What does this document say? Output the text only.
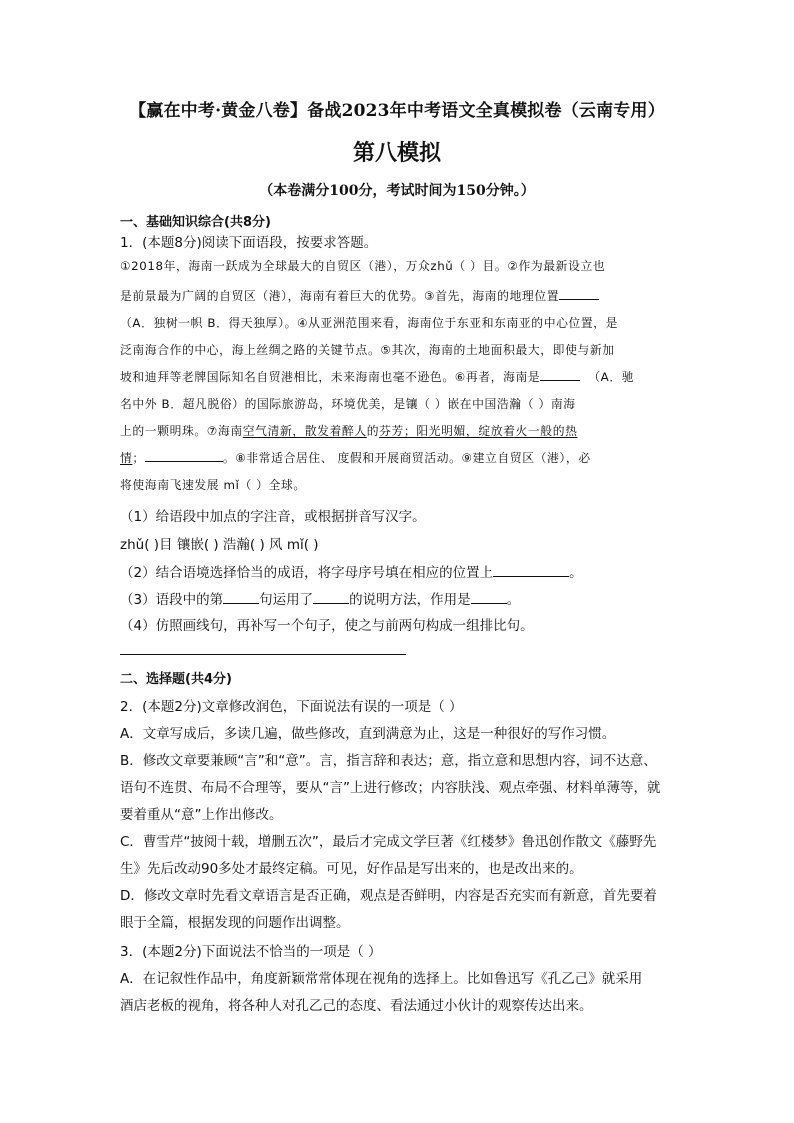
【赢在中考·黄金八卷】备战2023年中考语文全真模拟卷（云南专用）
第八模拟
（本卷满分100分，考试时间为150分钟。）
一、基础知识综合(共8分)
1．(本题8分)阅读下面语段，按要求答题。
①2018年，海南一跃成为全球最大的自贸区（港），万众zhǔ（ ）目。②作为最新设立也
是前景最为广阔的自贸区（港），海南有着巨大的优势。③首先，海南的地理位置
（A．独树一帜 B．得天独厚）。④从亚洲范围来看，海南位于东亚和东南亚的中心位置，是
泛南海合作的中心，海上丝绸之路的关键节点。⑤其次，海南的土地面积最大，即使与新加
坡和迪拜等老牌国际知名自贸港相比，未来海南也毫不逊色。⑥再者，海南是	（A．驰
名中外 B．超凡脱俗）的国际旅游岛，环境优美，是镶（ ）嵌在中国浩瀚（ ）南海
上的一颗明珠。⑦海南空气清新，散发着醉人的芬芳；阳光明媚，绽放着火一般的热
情；	。⑧非常适合居住、 度假和开展商贸活动。⑨建立自贸区（港），必
将使海南飞速发展 mǐ（ ）全球。
（1）给语段中加点的字注音，或根据拼音写汉字。
zhǔ( )目 镶嵌( ) 浩瀚( ) 风 mǐ( )
（2）结合语境选择恰当的成语，将字母序号填在相应的位置上	。
（3）语段中的第	句运用了	的说明方法，作用是	。
（4）仿照画线句，再补写一个句子，使之与前两句构成一组排比句。
二、选择题(共4分)
2．(本题2分)文章修改润色，下面说法有误的一项是（ ）
A．文章写成后，多读几遍，做些修改，直到满意为止，这是一种很好的写作习惯。
B．修改文章要兼顾“言”和“意”。言，指言辞和表达；意，指立意和思想内容，词不达意、
语句不连贯、布局不合理等，要从“言”上进行修改；内容肤浅、观点牵强、材料单薄等，就
要着重从“意”上作出修改。
C．曹雪芹“披阅十载，增删五次”，最后才完成文学巨著《红楼梦》鲁迅创作散文《藤野先
生》先后改动90多处才最终定稿。可见，好作品是写出来的，也是改出来的。
D．修改文章时先看文章语言是否正确，观点是否鲜明，内容是否充实而有新意，首先要着
眼于全篇，根据发现的问题作出调整。
3．(本题2分)下面说法不恰当的一项是（ ）
A．在记叙性作品中，角度新颖常常体现在视角的选择上。比如鲁迅写《孔乙己》就采用
酒店老板的视角，将各种人对孔乙己的态度、看法通过小伙计的观察传达出来。
